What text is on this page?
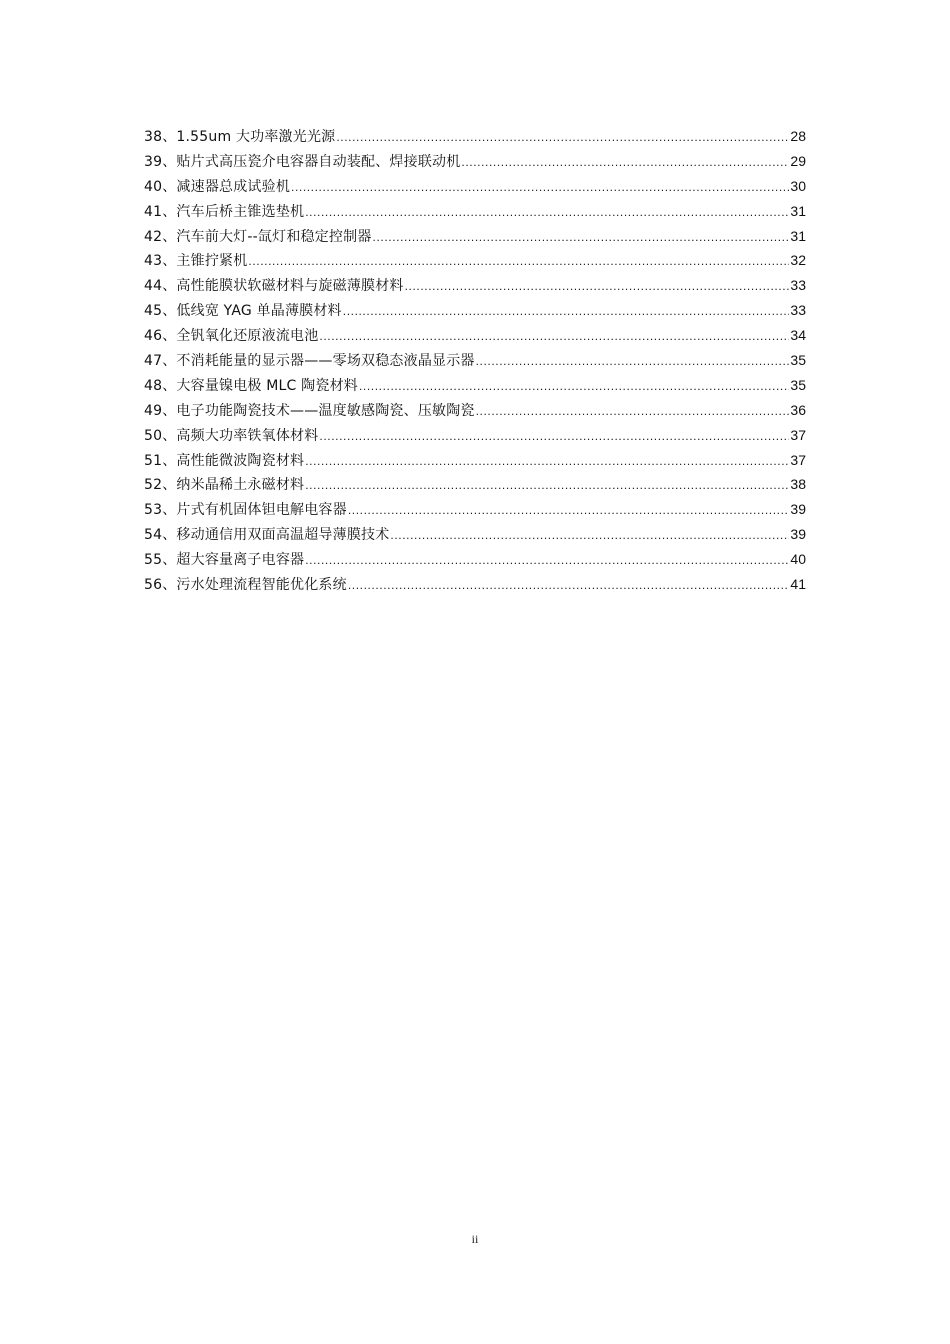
38、1.55um 大功率激光光源 .....	28
39、贴片式高压瓷介电容器自动装配、焊接联动机 .....	29
40、减速器总成试验机 .....	30
41、汽车后桥主锥选垫机 .....	31
42、汽车前大灯--氙灯和稳定控制器 .....	31
43、主锥拧紧机 .....	32
44、高性能膜状软磁材料与旋磁薄膜材料 .....	33
45、低线宽 YAG 单晶薄膜材料 .....	33
46、全钒氧化还原液流电池 .....	34
47、不消耗能量的显示器——零场双稳态液晶显示器 .....	35
48、大容量镍电极 MLC 陶瓷材料 .....	35
49、电子功能陶瓷技术——温度敏感陶瓷、压敏陶瓷 .....	36
50、高频大功率铁氧体材料 .....	37
51、高性能微波陶瓷材料 .....	37
52、纳米晶稀土永磁材料 .....	38
53、片式有机固体钽电解电容器 .....	39
54、移动通信用双面高温超导薄膜技术 .....	39
55、超大容量离子电容器 .....	40
56、污水处理流程智能优化系统 .....	41
ii
